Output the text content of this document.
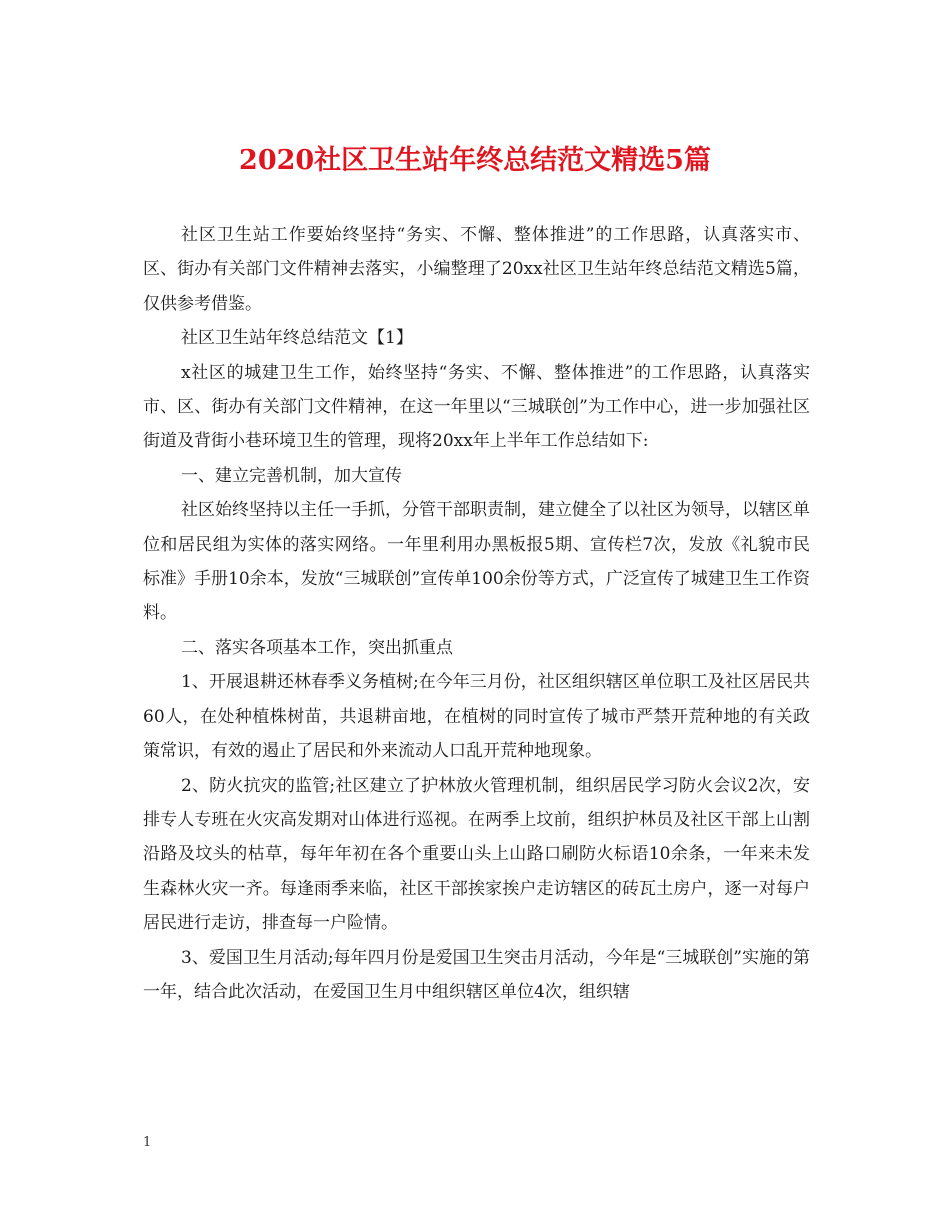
2020社区卫生站年终总结范文精选5篇

社区卫生站工作要始终坚持“务实、不懈、整体推进”的工作思路，认真落实市、区、街办有关部门文件精神去落实，小编整理了20xx社区卫生站年终总结范文精选5篇，仅供参考借鉴。

社区卫生站年终总结范文【1】

x社区的城建卫生工作，始终坚持“务实、不懈、整体推进”的工作思路，认真落实市、区、街办有关部门文件精神，在这一年里以“三城联创”为工作中心，进一步加强社区街道及背街小巷环境卫生的管理，现将20xx年上半年工作总结如下:

一、建立完善机制，加大宣传

社区始终坚持以主任一手抓，分管干部职责制，建立健全了以社区为领导，以辖区单位和居民组为实体的落实网络。一年里利用办黑板报5期、宣传栏7次，发放《礼貌市民标准》手册10余本，发放“三城联创”宣传单100余份等方式，广泛宣传了城建卫生工作资料。

二、落实各项基本工作，突出抓重点

1、开展退耕还林春季义务植树;在今年三月份，社区组织辖区单位职工及社区居民共60人，在处种植株树苗，共退耕亩地，在植树的同时宣传了城市严禁开荒种地的有关政策常识，有效的遏止了居民和外来流动人口乱开荒种地现象。

2、防火抗灾的监管;社区建立了护林放火管理机制，组织居民学习防火会议2次，安排专人专班在火灾高发期对山体进行巡视。在两季上坟前，组织护林员及社区干部上山割沿路及坟头的枯草，每年年初在各个重要山头上山路口刷防火标语10余条，一年来未发生森林火灾一齐。每逢雨季来临，社区干部挨家挨户走访辖区的砖瓦土房户，逐一对每户居民进行走访，排查每一户险情。

3、爱国卫生月活动;每年四月份是爱国卫生突击月活动，今年是“三城联创”实施的第一年，结合此次活动，在爱国卫生月中组织辖区单位4次，组织辖

1
